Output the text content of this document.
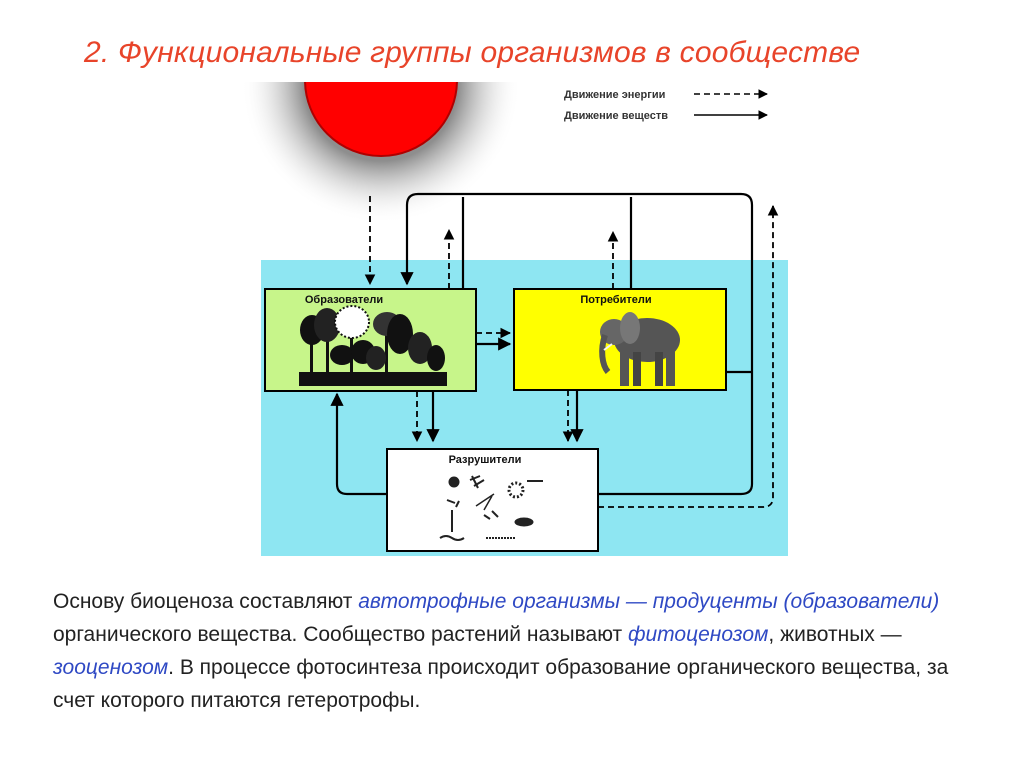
2. Функциональные группы организмов в сообществе
Движение энергии
Движение веществ
Образователи	Потребители
Разрушители
Основу биоценоза составляют автотрофные организмы — продуценты (образователи) органического вещества. Сообщество растений называют фитоценозом, животных — зооценозом. В процессе фотосинтеза происходит образование органического вещества, за счет которого питаются гетеротрофы.
